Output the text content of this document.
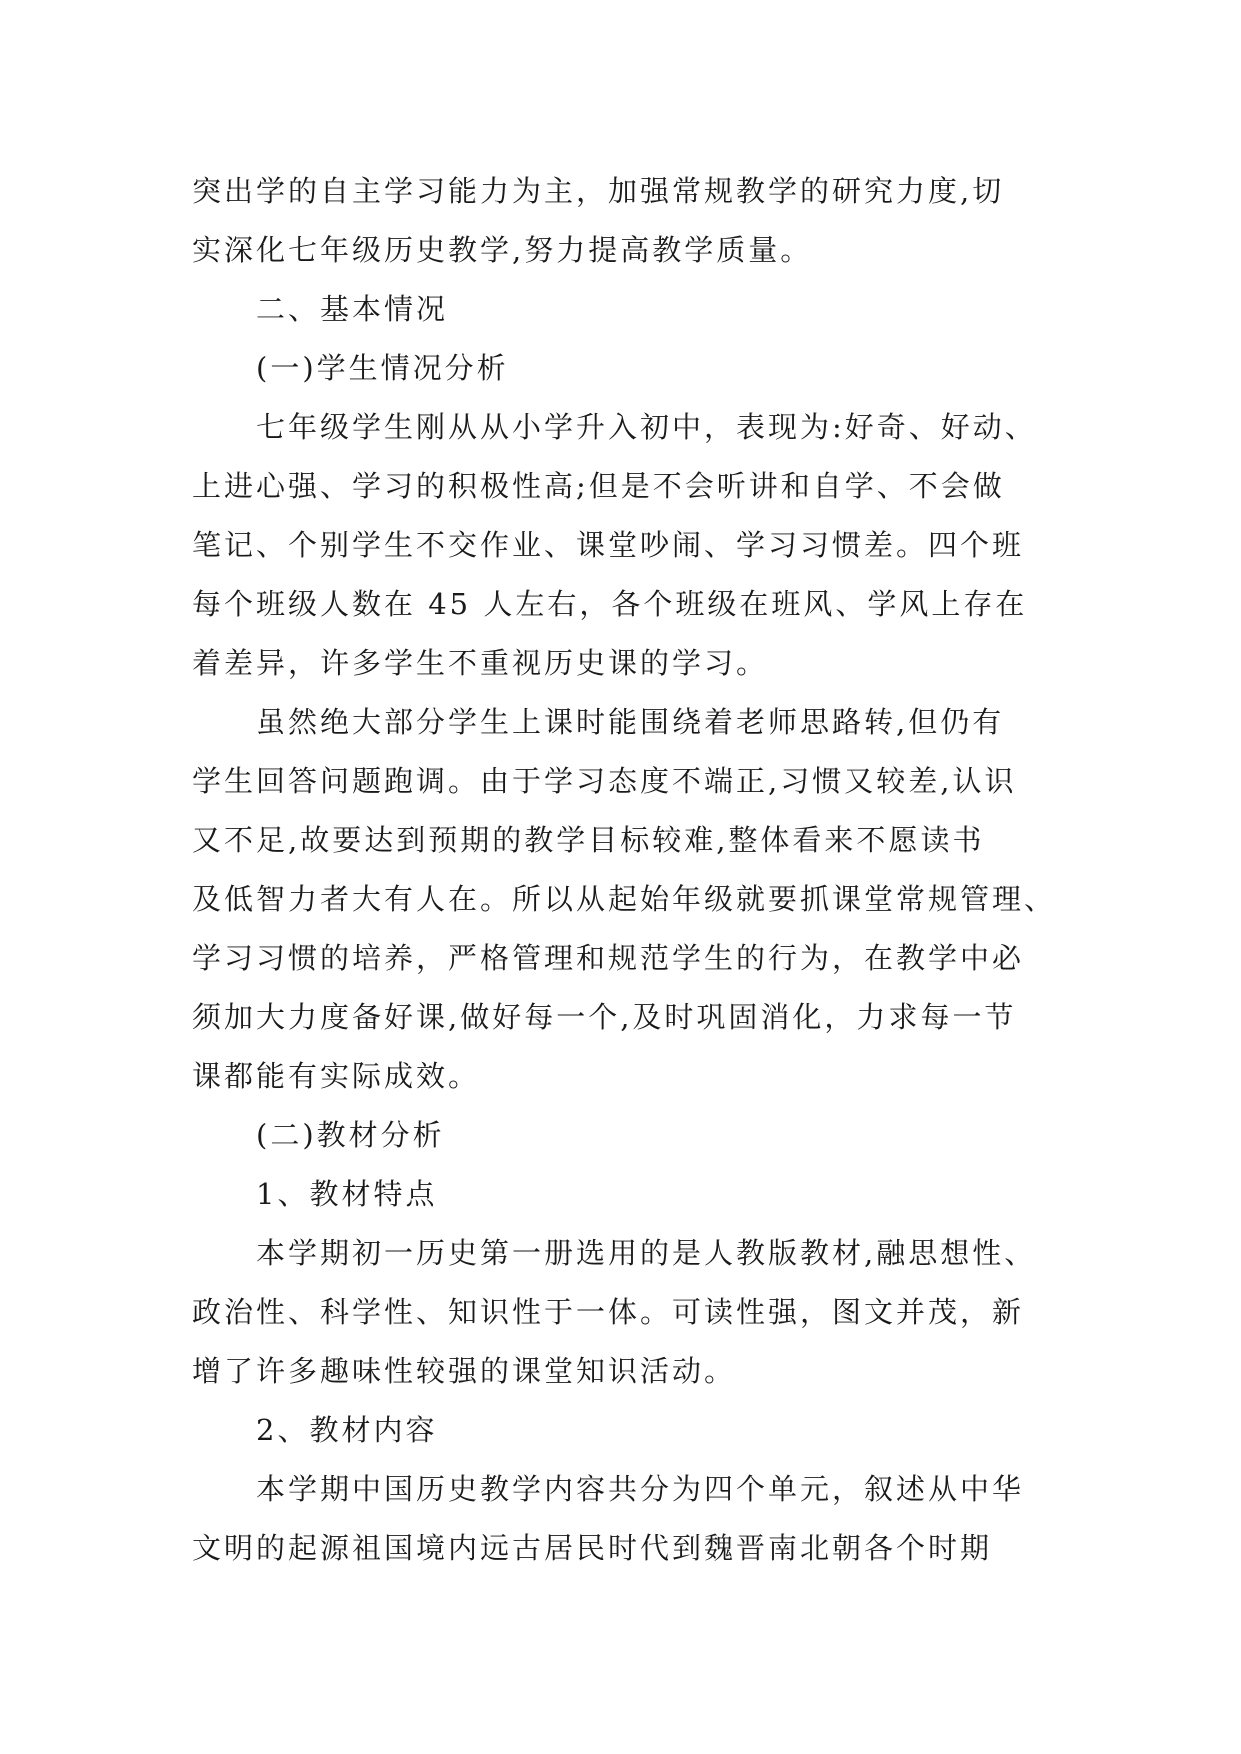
突出学的自主学习能力为主，加强常规教学的研究力度,切
实深化七年级历史教学,努力提高教学质量。
二、基本情况
(一)学生情况分析
七年级学生刚从从小学升入初中，表现为:好奇、好动、
上进心强、学习的积极性高;但是不会听讲和自学、不会做
笔记、个别学生不交作业、课堂吵闹、学习习惯差。四个班
每个班级人数在 45 人左右，各个班级在班风、学风上存在
着差异，许多学生不重视历史课的学习。
虽然绝大部分学生上课时能围绕着老师思路转,但仍有
学生回答问题跑调。由于学习态度不端正,习惯又较差,认识
又不足,故要达到预期的教学目标较难,整体看来不愿读书
及低智力者大有人在。所以从起始年级就要抓课堂常规管理、
学习习惯的培养，严格管理和规范学生的行为，在教学中必
须加大力度备好课,做好每一个,及时巩固消化，力求每一节
课都能有实际成效。
(二)教材分析
1、教材特点
本学期初一历史第一册选用的是人教版教材,融思想性、
政治性、科学性、知识性于一体。可读性强，图文并茂，新
增了许多趣味性较强的课堂知识活动。
2、教材内容
本学期中国历史教学内容共分为四个单元，叙述从中华
文明的起源祖国境内远古居民时代到魏晋南北朝各个时期
